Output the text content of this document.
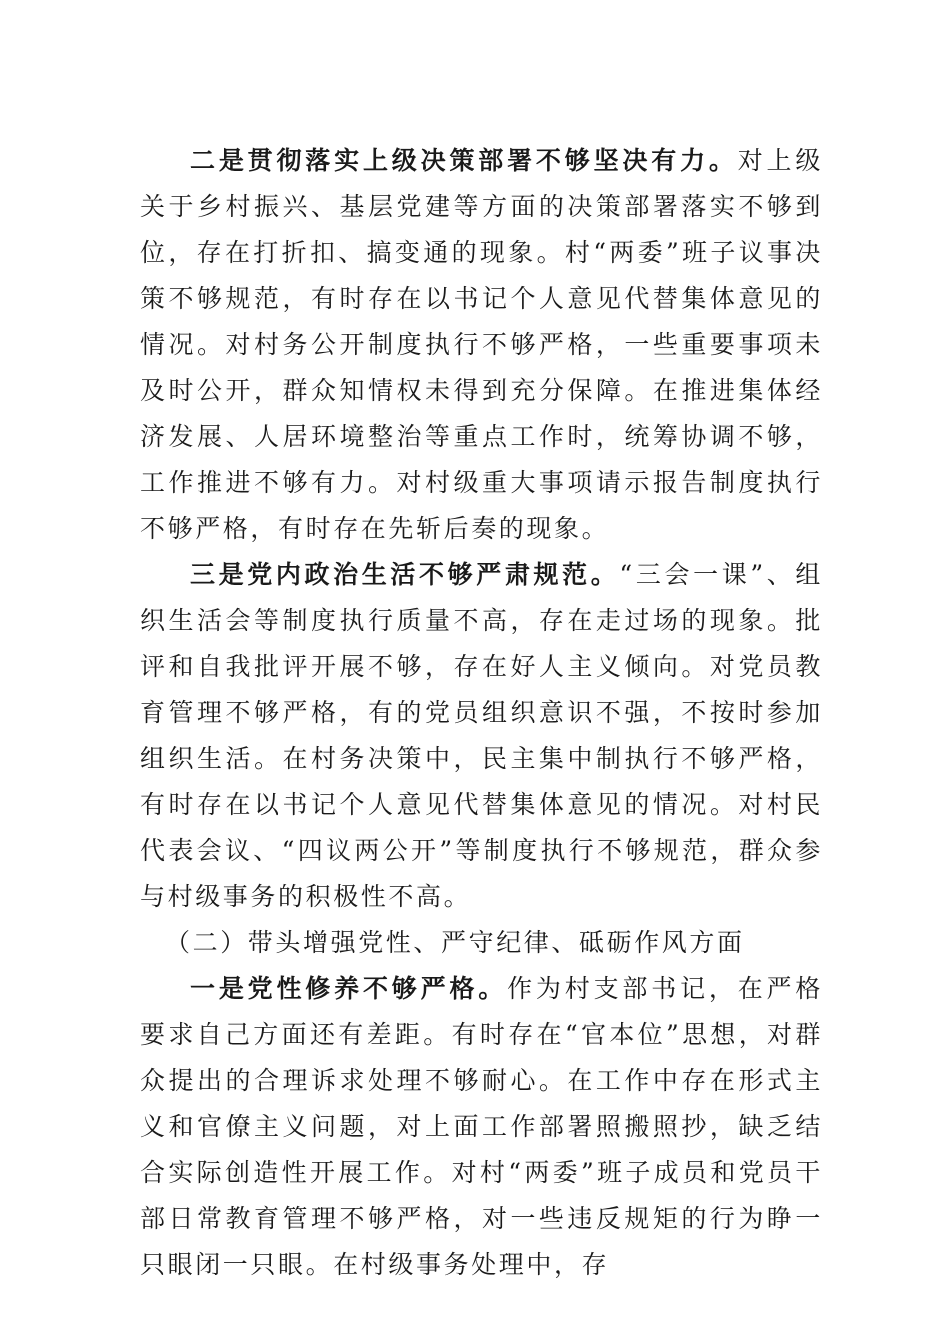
二是贯彻落实上级决策部署不够坚决有力。对上级关于乡村振兴、基层党建等方面的决策部署落实不够到位，存在打折扣、搞变通的现象。村“两委”班子议事决策不够规范，有时存在以书记个人意见代替集体意见的情况。对村务公开制度执行不够严格，一些重要事项未及时公开，群众知情权未得到充分保障。在推进集体经济发展、人居环境整治等重点工作时，统筹协调不够，工作推进不够有力。对村级重大事项请示报告制度执行不够严格，有时存在先斩后奏的现象。

三是党内政治生活不够严肃规范。“三会一课”、组织生活会等制度执行质量不高，存在走过场的现象。批评和自我批评开展不够，存在好人主义倾向。对党员教育管理不够严格，有的党员组织意识不强，不按时参加组织生活。在村务决策中，民主集中制执行不够严格，有时存在以书记个人意见代替集体意见的情况。对村民代表会议、“四议两公开”等制度执行不够规范，群众参与村级事务的积极性不高。

（二）带头增强党性、严守纪律、砥砺作风方面

一是党性修养不够严格。作为村支部书记，在严格要求自己方面还有差距。有时存在“官本位”思想，对群众提出的合理诉求处理不够耐心。在工作中存在形式主义和官僚主义问题，对上面工作部署照搬照抄，缺乏结合实际创造性开展工作。对村“两委”班子成员和党员干部日常教育管理不够严格，对一些违反规矩的行为睁一只眼闭一只眼。在村级事务处理中，存
